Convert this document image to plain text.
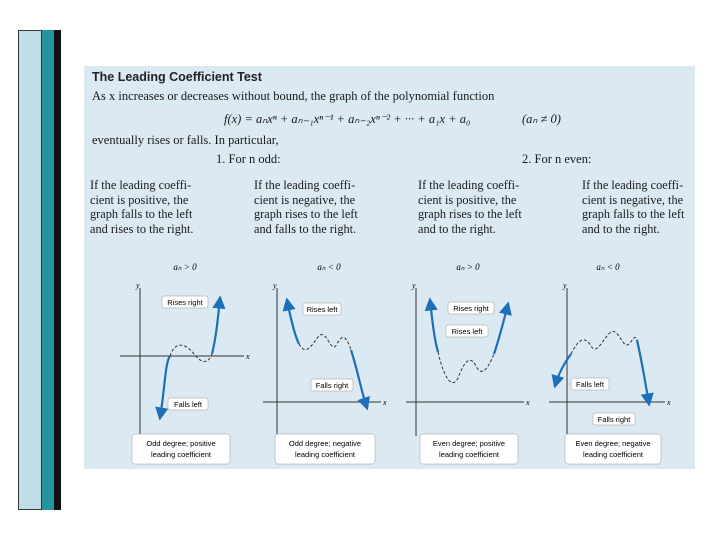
The Leading Coefficient Test
As x increases or decreases without bound, the graph of the polynomial function
f(x) = aₙxⁿ + aₙ₋₁xⁿ⁻¹ + aₙ₋₂xⁿ⁻² + ··· + a₁x + a₀	(aₙ ≠ 0)
eventually rises or falls. In particular,
1. For n odd:	2. For n even:
If the leading coeffi-
cient is positive, the
graph falls to the left
and rises to the right.
If the leading coeffi-
cient is negative, the
graph rises to the left
and falls to the right.
If the leading coeffi-
cient is positive, the
graph rises to the left
and to the right.
If the leading coeffi-
cient is negative, the
graph falls to the left
and to the right.
aₙ > 0
x
y
Rises right
Falls left
Odd degree; positive
leading coefficient
aₙ < 0
x
y
Rises left
Falls right
Odd degree; negative
leading coefficient
aₙ > 0
x
y
Rises right
Rises left
Even degree; positive
leading coefficient
aₙ < 0
x
y
Falls left
Falls right
Even degree; negative
leading coefficient
